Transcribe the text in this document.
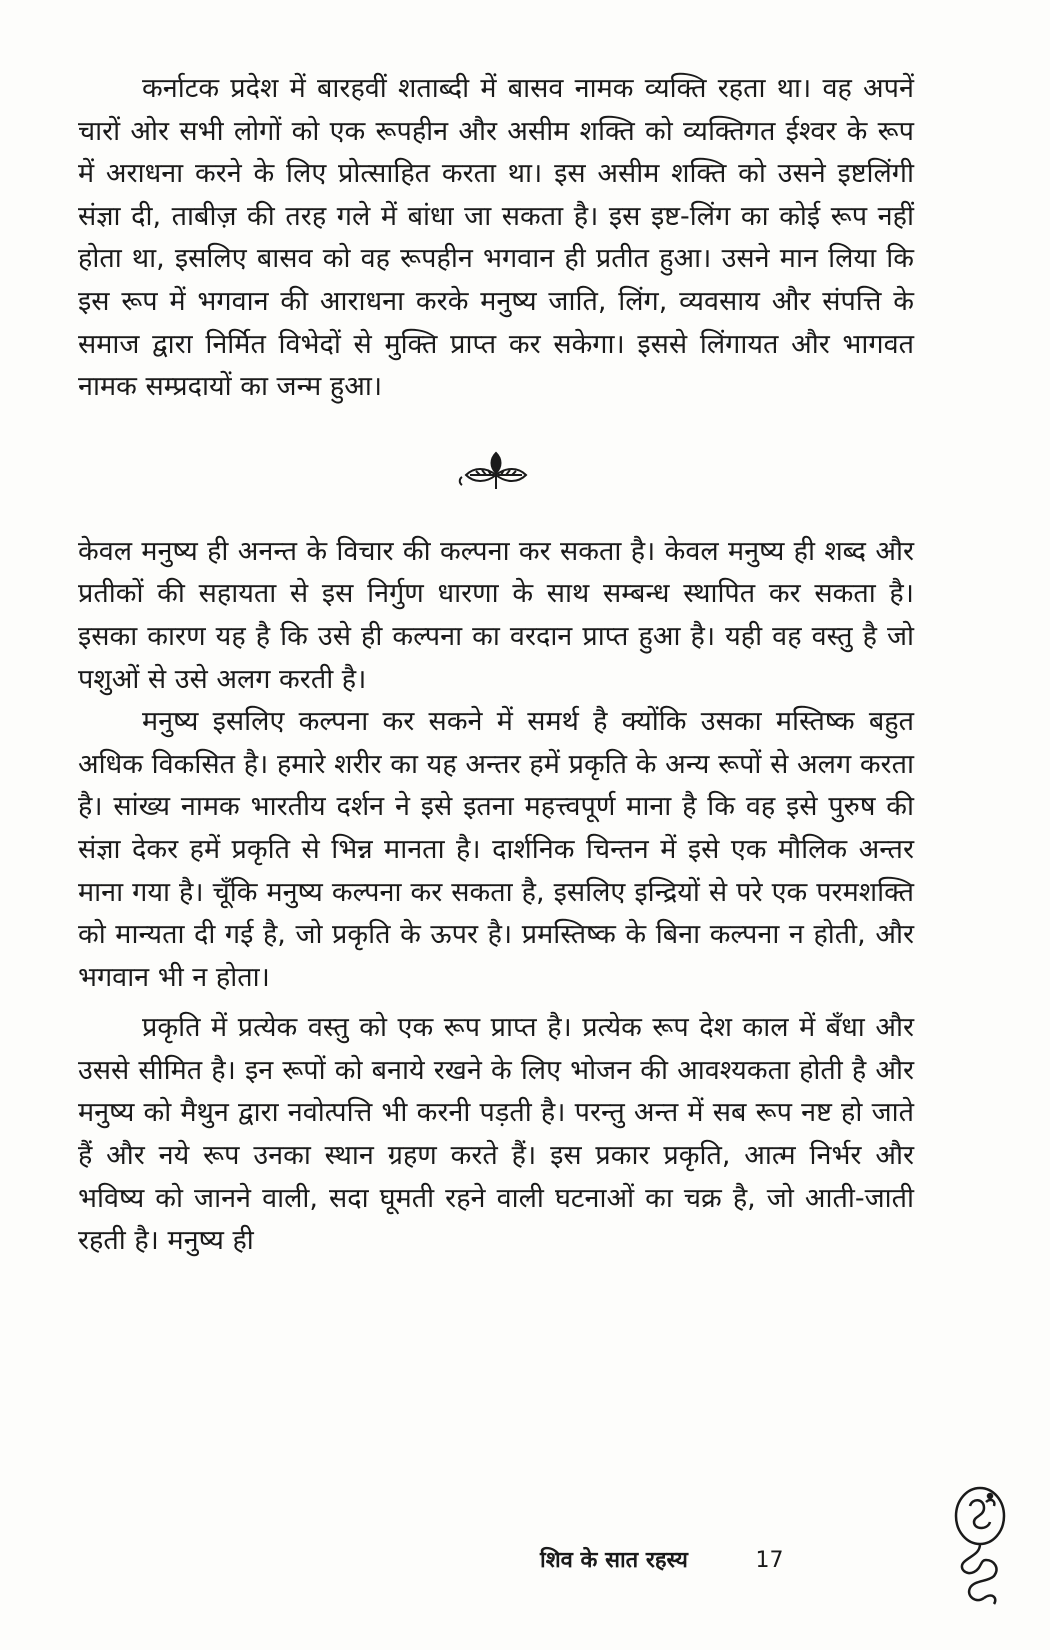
कर्नाटक प्रदेश में बारहवीं शताब्दी में बासव नामक व्यक्ति रहता था। वह अपनें चारों ओर सभी लोगों को एक रूपहीन और असीम शक्ति को व्यक्तिगत ईश्वर के रूप में अराधना करने के लिए प्रोत्साहित करता था। इस असीम शक्ति को उसने इष्टलिंगी संज्ञा दी, ताबीज़ की तरह गले में बांधा जा सकता है। इस इष्ट-लिंग का कोई रूप नहीं होता था, इसलिए बासव को वह रूपहीन भगवान ही प्रतीत हुआ। उसने मान लिया कि इस रूप में भगवान की आराधना करके मनुष्य जाति, लिंग, व्यवसाय और संपत्ति के समाज द्वारा निर्मित विभेदों से मुक्ति प्राप्त कर सकेगा। इससे लिंगायत और भागवत नामक सम्प्रदायों का जन्म हुआ।

केवल मनुष्य ही अनन्त के विचार की कल्पना कर सकता है। केवल मनुष्य ही शब्द और प्रतीकों की सहायता से इस निर्गुण धारणा के साथ सम्बन्ध स्थापित कर सकता है। इसका कारण यह है कि उसे ही कल्पना का वरदान प्राप्त हुआ है। यही वह वस्तु है जो पशुओं से उसे अलग करती है।

मनुष्य इसलिए कल्पना कर सकने में समर्थ है क्योंकि उसका मस्तिष्क बहुत अधिक विकसित है। हमारे शरीर का यह अन्तर हमें प्रकृति के अन्य रूपों से अलग करता है। सांख्य नामक भारतीय दर्शन ने इसे इतना महत्त्वपूर्ण माना है कि वह इसे पुरुष की संज्ञा देकर हमें प्रकृति से भिन्न मानता है। दार्शनिक चिन्तन में इसे एक मौलिक अन्तर माना गया है। चूँकि मनुष्य कल्पना कर सकता है, इसलिए इन्द्रियों से परे एक परमशक्ति को मान्यता दी गई है, जो प्रकृति के ऊपर है। प्रमस्तिष्क के बिना कल्पना न होती, और भगवान भी न होता।

प्रकृति में प्रत्येक वस्तु को एक रूप प्राप्त है। प्रत्येक रूप देश काल में बँधा और उससे सीमित है। इन रूपों को बनाये रखने के लिए भोजन की आवश्यकता होती है और मनुष्य को मैथुन द्वारा नवोत्पत्ति भी करनी पड़ती है। परन्तु अन्त में सब रूप नष्ट हो जाते हैं और नये रूप उनका स्थान ग्रहण करते हैं। इस प्रकार प्रकृति, आत्म निर्भर और भविष्य को जानने वाली, सदा घूमती रहने वाली घटनाओं का चक्र है, जो आती-जाती रहती है। मनुष्य ही

शिव के सात रहस्य	17
